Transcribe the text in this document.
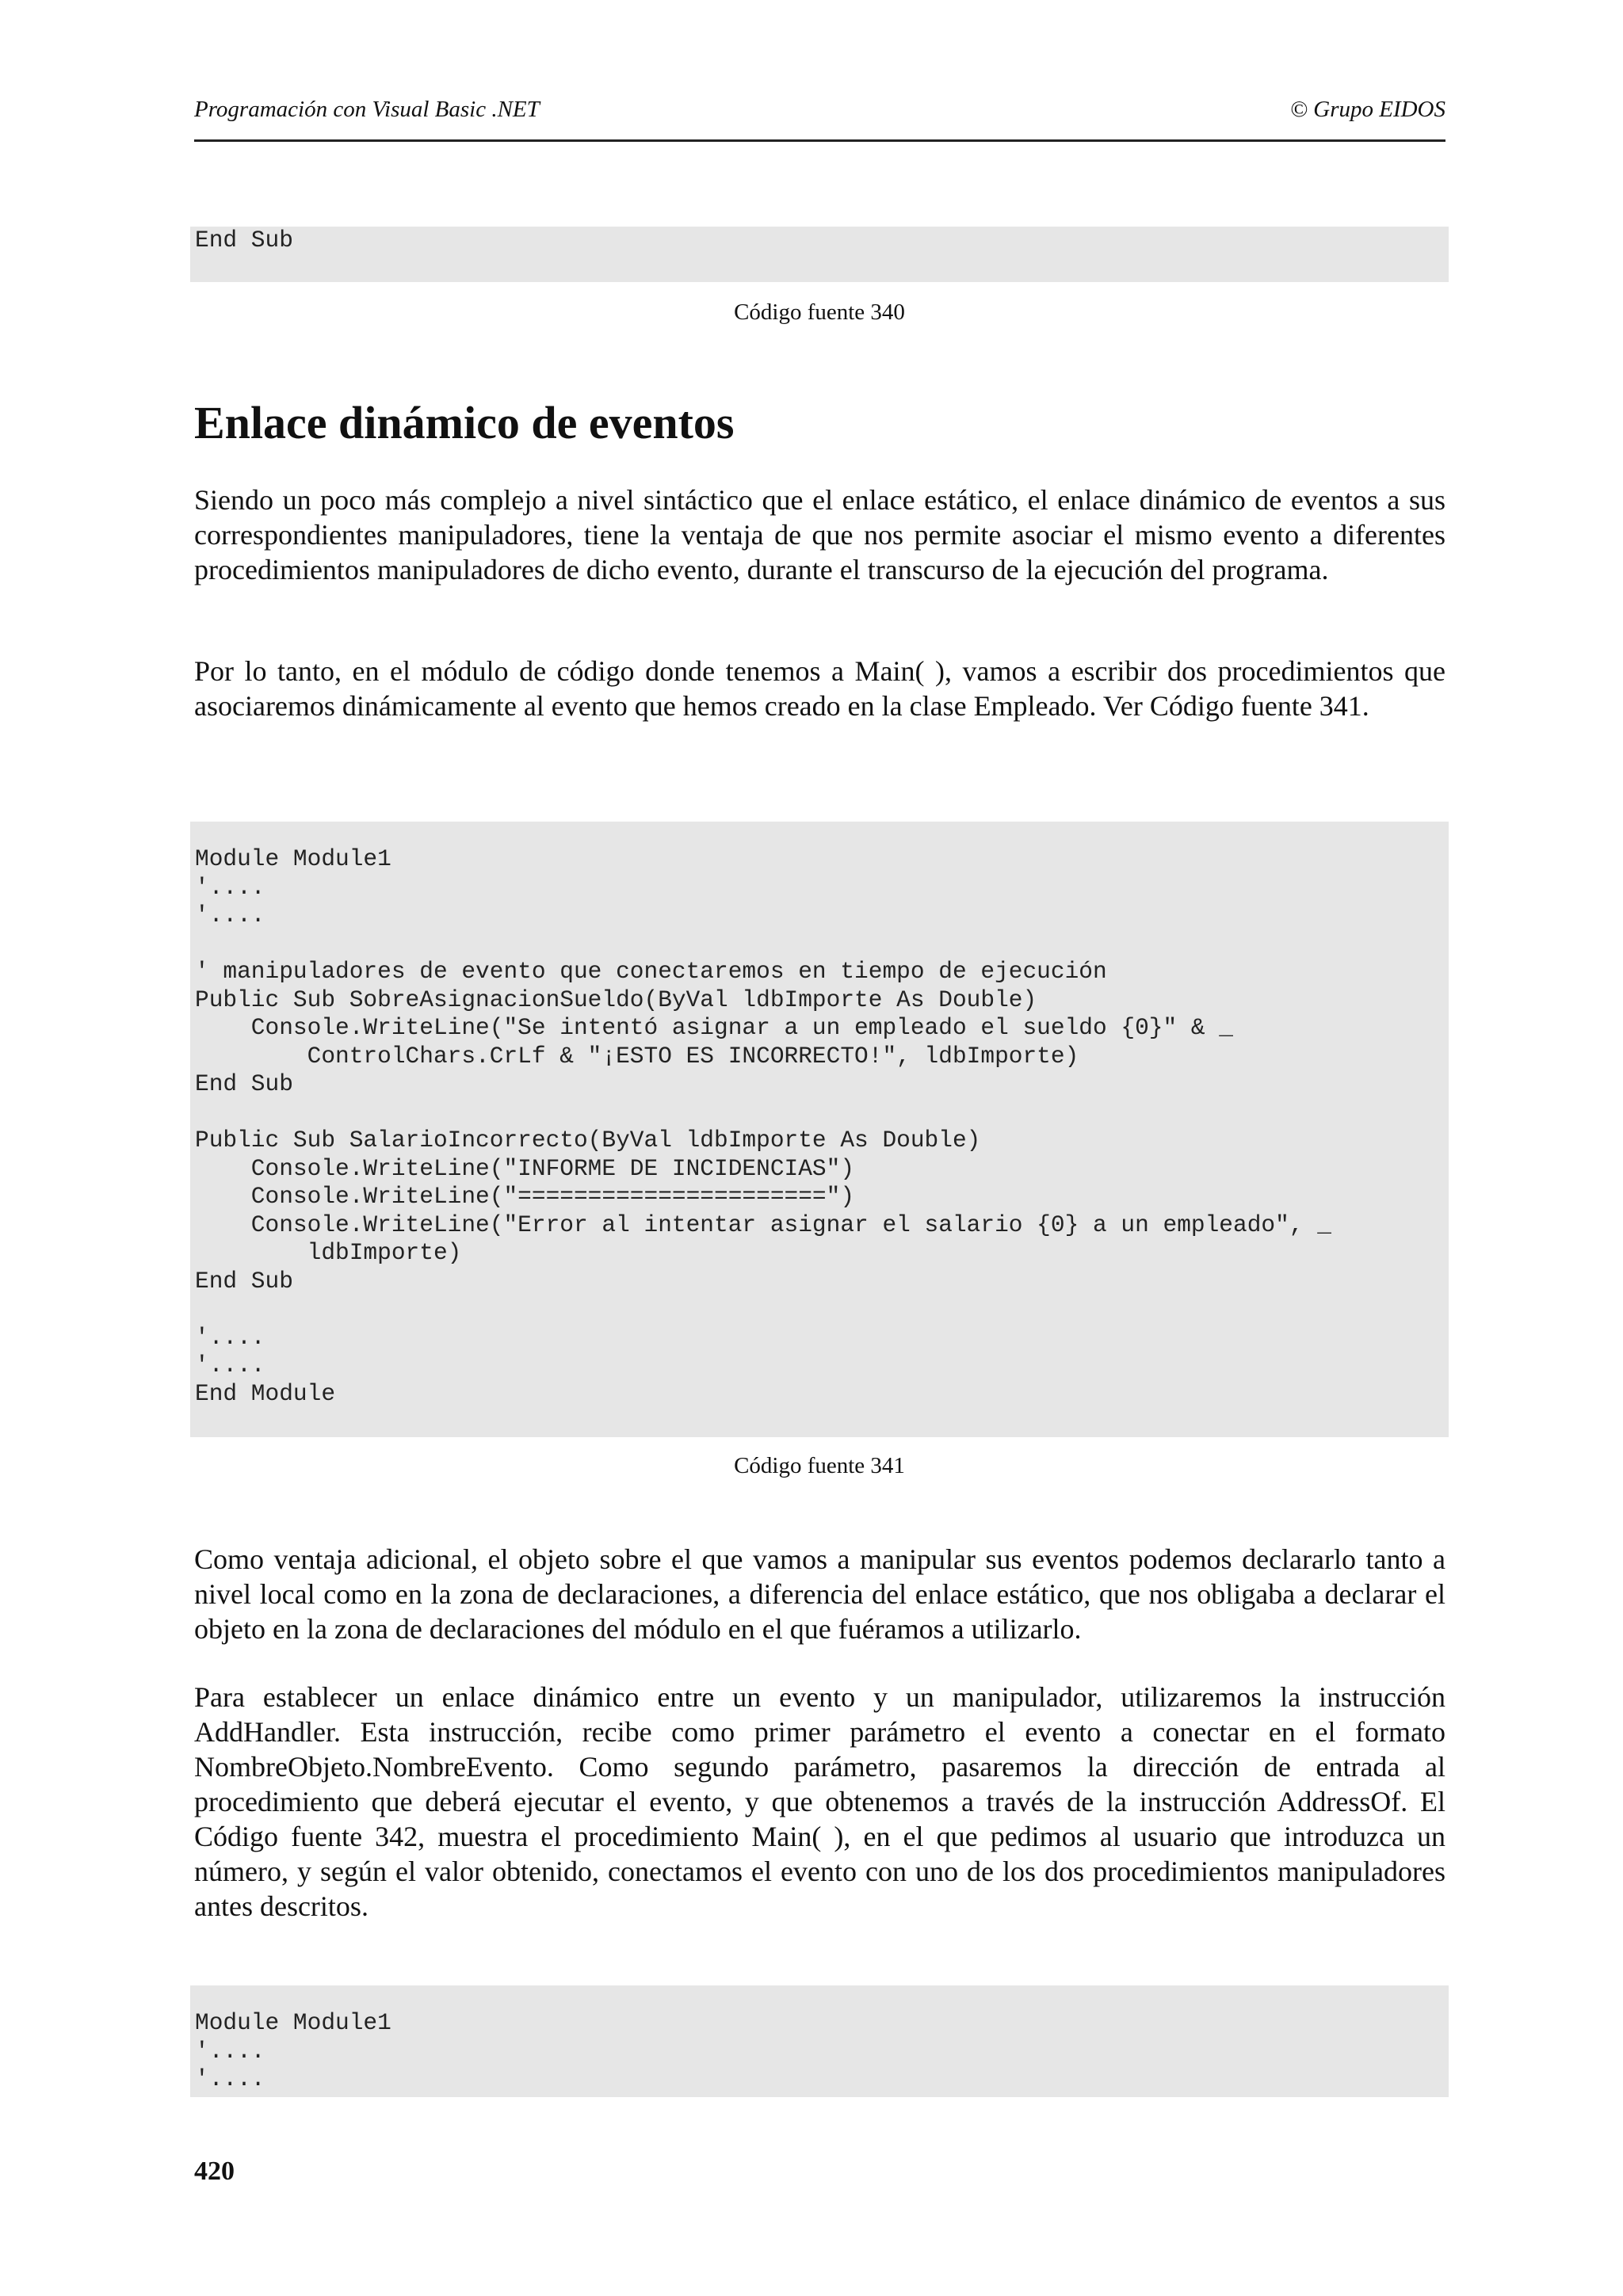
Programación con Visual Basic .NET	© Grupo EIDOS
End Sub
Código fuente 340
Enlace dinámico de eventos

Siendo un poco más complejo a nivel sintáctico que el enlace estático, el enlace dinámico de eventos a sus correspondientes manipuladores, tiene la ventaja de que nos permite asociar el mismo evento a diferentes procedimientos manipuladores de dicho evento, durante el transcurso de la ejecución del programa.

Por lo tanto, en el módulo de código donde tenemos a Main( ), vamos a escribir dos procedimientos que asociaremos dinámicamente al evento que hemos creado en la clase Empleado. Ver Código fuente 341.

Module Module1
'....
'....

' manipuladores de evento que conectaremos en tiempo de ejecución
Public Sub SobreAsignacionSueldo(ByVal ldbImporte As Double)
Console.WriteLine("Se intentó asignar a un empleado el sueldo {0}" & _
ControlChars.CrLf & "¡ESTO ES INCORRECTO!", ldbImporte)
End Sub

Public Sub SalarioIncorrecto(ByVal ldbImporte As Double)
Console.WriteLine("INFORME DE INCIDENCIAS")
Console.WriteLine("======================")
Console.WriteLine("Error al intentar asignar el salario {0} a un empleado", _
ldbImporte)
End Sub

'....
'....
End Module
Código fuente 341

Como ventaja adicional, el objeto sobre el que vamos a manipular sus eventos podemos declararlo tanto a nivel local como en la zona de declaraciones, a diferencia del enlace estático, que nos obligaba a declarar el objeto en la zona de declaraciones del módulo en el que fuéramos a utilizarlo.

Para establecer un enlace dinámico entre un evento y un manipulador, utilizaremos la instrucción AddHandler. Esta instrucción, recibe como primer parámetro el evento a conectar en el formato NombreObjeto.NombreEvento. Como segundo parámetro, pasaremos la dirección de entrada al procedimiento que deberá ejecutar el evento, y que obtenemos a través de la instrucción AddressOf. El Código fuente 342, muestra el procedimiento Main( ), en el que pedimos al usuario que introduzca un número, y según el valor obtenido, conectamos el evento con uno de los dos procedimientos manipuladores antes descritos.

Module Module1
'....
'....
420
